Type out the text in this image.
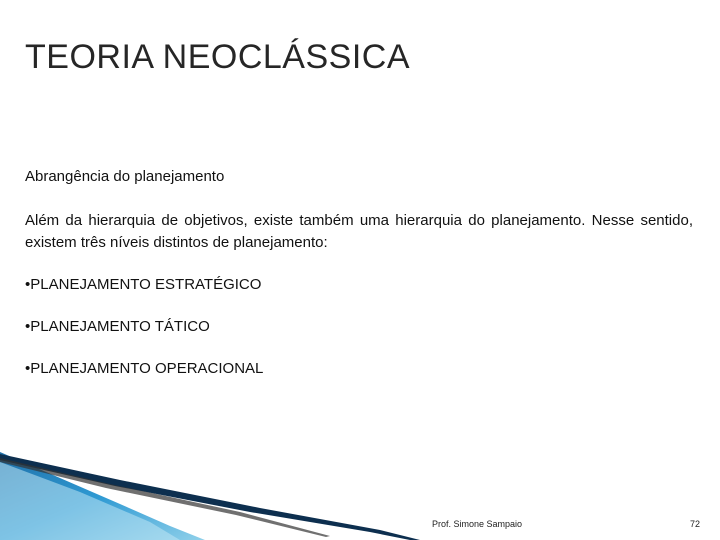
TEORIA NEOCLÁSSICA
Abrangência do planejamento
Além da hierarquia de objetivos, existe também uma hierarquia do planejamento. Nesse sentido, existem três níveis distintos de planejamento:
•PLANEJAMENTO ESTRATÉGICO
•PLANEJAMENTO TÁTICO
•PLANEJAMENTO OPERACIONAL
Prof. Simone Sampaio	72
